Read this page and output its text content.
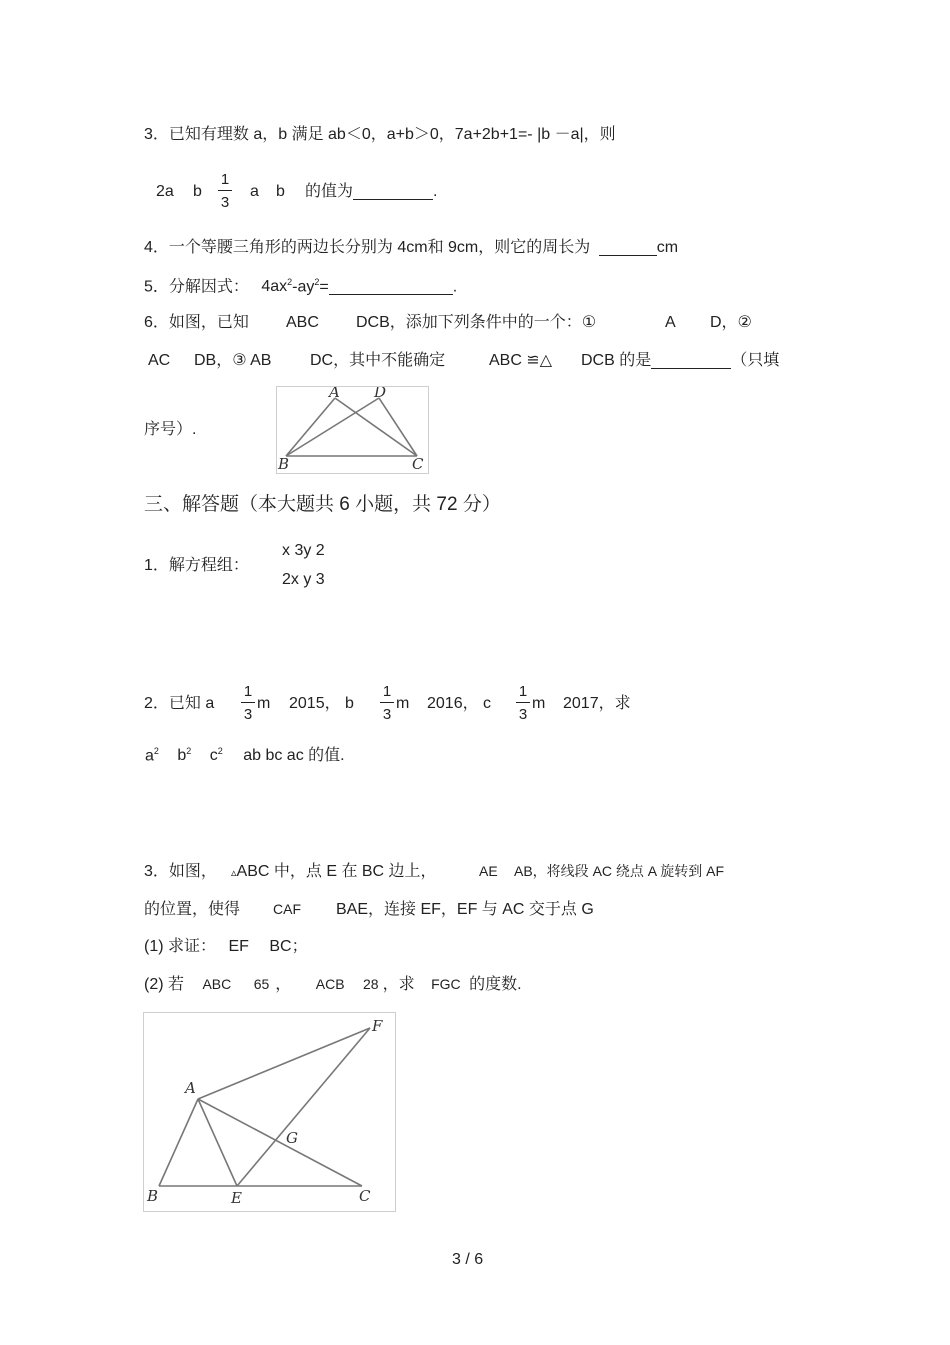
3．已知有理数 a，b 满足 ab＜0，a+b＞0，7a+2b+1=- |b －a|，则
2a b
1
3
a b 的值为	.
4．一个等腰三角形的两边长分别为 4cm和 9cm，则它的周长为	cm
5．分解因式： $4ax^2-ay^2=$	.
6．如图，已知 ABC DCB，添加下列条件中的一个：①	A D，②
AC DB，③ AB DC，其中不能确定	ABC ≌△ DCB 的是	（只填
序号）.
A D
B	C
三、解答题（本大题共 6 小题，共 72 分）
1．解方程组：
x 3y 2
2x y 3
2．已知 a
1
3
m 2015， b
1
3
m 2016， c
1
3
m 2017，求
$a^2$ $b^2$ $c^2$ ab bc ac 的值.
3．如图， ▵ABC 中，点 E 在 BC 边上，	AE AB，将线段 AC 绕点 A 旋转到 AF
的位置，使得 CAF BAE，连接 EF，EF 与 AC 交于点 G
(1) 求证： EF BC；
(2) 若 ABC 65 ， ACB 28 ，求 FGC 的度数.
A
B	C
E
F
G
3 / 6
